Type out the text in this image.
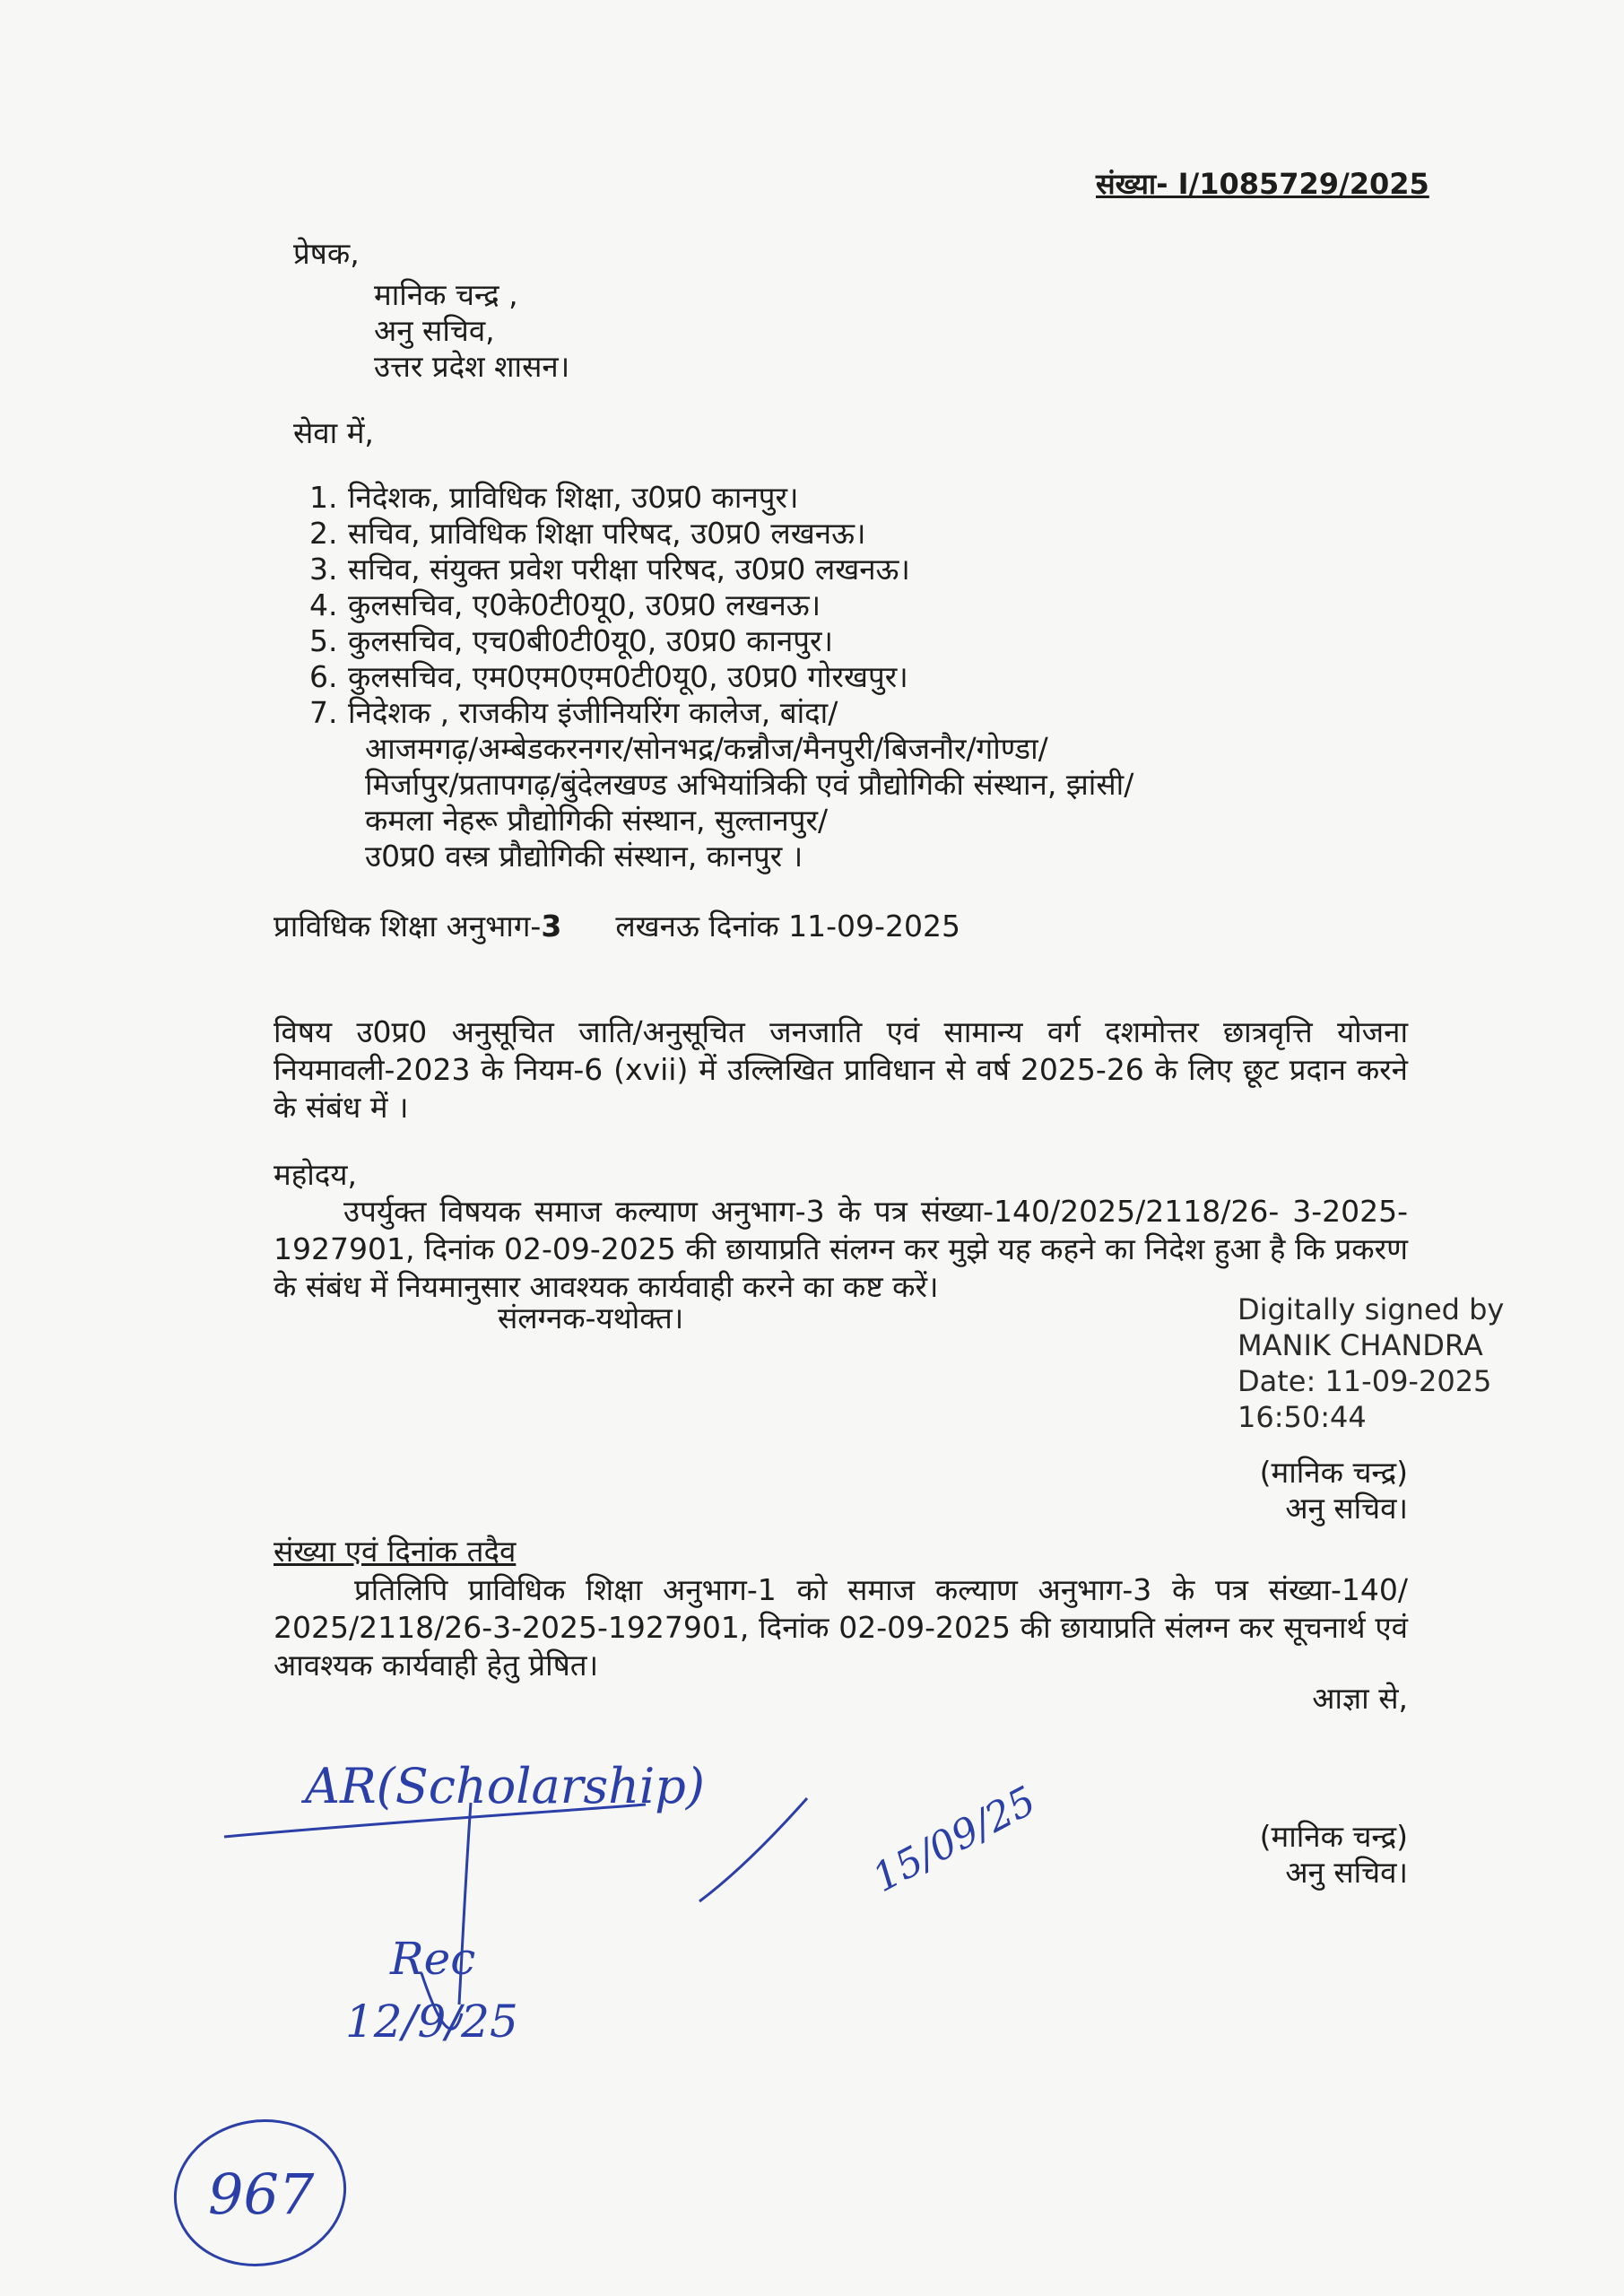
संख्या- I/1085729/2025
प्रेषक,
मानिक चन्द्र ,
अनु सचिव,
उत्तर प्रदेश शासन।
सेवा में,
1. निदेशक, प्राविधिक शिक्षा, उ0प्र0 कानपुर।
2. सचिव, प्राविधिक शिक्षा परिषद, उ0प्र0 लखनऊ।
3. सचिव, संयुक्त प्रवेश परीक्षा परिषद, उ0प्र0 लखनऊ।
4. कुलसचिव, ए0के0टी0यू0, उ0प्र0 लखनऊ।
5. कुलसचिव, एच0बी0टी0यू0, उ0प्र0 कानपुर।
6. कुलसचिव, एम0एम0एम0टी0यू0, उ0प्र0 गोरखपुर।
7. निदेशक , राजकीय इंजीनियरिंग कालेज, बांदा/
आजमगढ़/अम्बेडकरनगर/सोनभद्र/कन्नौज/मैनपुरी/बिजनौर/गोण्डा/
मिर्जापुर/प्रतापगढ़/बुंदेलखण्ड अभियांत्रिकी एवं प्रौद्योगिकी संस्थान, झांसी/
कमला नेहरू प्रौद्योगिकी संस्थान, सुल्तानपुर/
उ0प्र0 वस्त्र प्रौद्योगिकी संस्थान, कानपुर ।
प्राविधिक शिक्षा अनुभाग-3 लखनऊ दिनांक 11-09-2025
विषय उ0प्र0 अनुसूचित जाति/अनुसूचित जनजाति एवं सामान्य वर्ग दशमोत्तर छात्रवृत्ति योजना नियमावली-2023 के नियम-6 (xvii) में उल्लिखित प्राविधान से वर्ष 2025-26 के लिए छूट प्रदान करने के संबंध में ।
महोदय,
उपर्युक्त विषयक समाज कल्याण अनुभाग-3 के पत्र संख्या-140/2025/2118/26- 3-2025-1927901, दिनांक 02-09-2025 की छायाप्रति संलग्न कर मुझे यह कहने का निदेश हुआ है कि प्रकरण के संबंध में नियमानुसार आवश्यक कार्यवाही करने का कष्ट करें।
संलग्नक-यथोक्त।	Digitally signed by
MANIK CHANDRA
Date: 11-09-2025
16:50:44
(मानिक चन्द्र)
अनु सचिव।
संख्या एवं दिनांक तदैव
प्रतिलिपि प्राविधिक शिक्षा अनुभाग-1 को समाज कल्याण अनुभाग-3 के पत्र संख्या-140/ 2025/2118/26-3-2025-1927901, दिनांक 02-09-2025 की छायाप्रति संलग्न कर सूचनार्थ एवं आवश्यक कार्यवाही हेतु प्रेषित।
आज्ञा से,
(मानिक चन्द्र)
अनु सचिव।
AR(Scholarship)
Rec
12/9/25
15/09/25
967
